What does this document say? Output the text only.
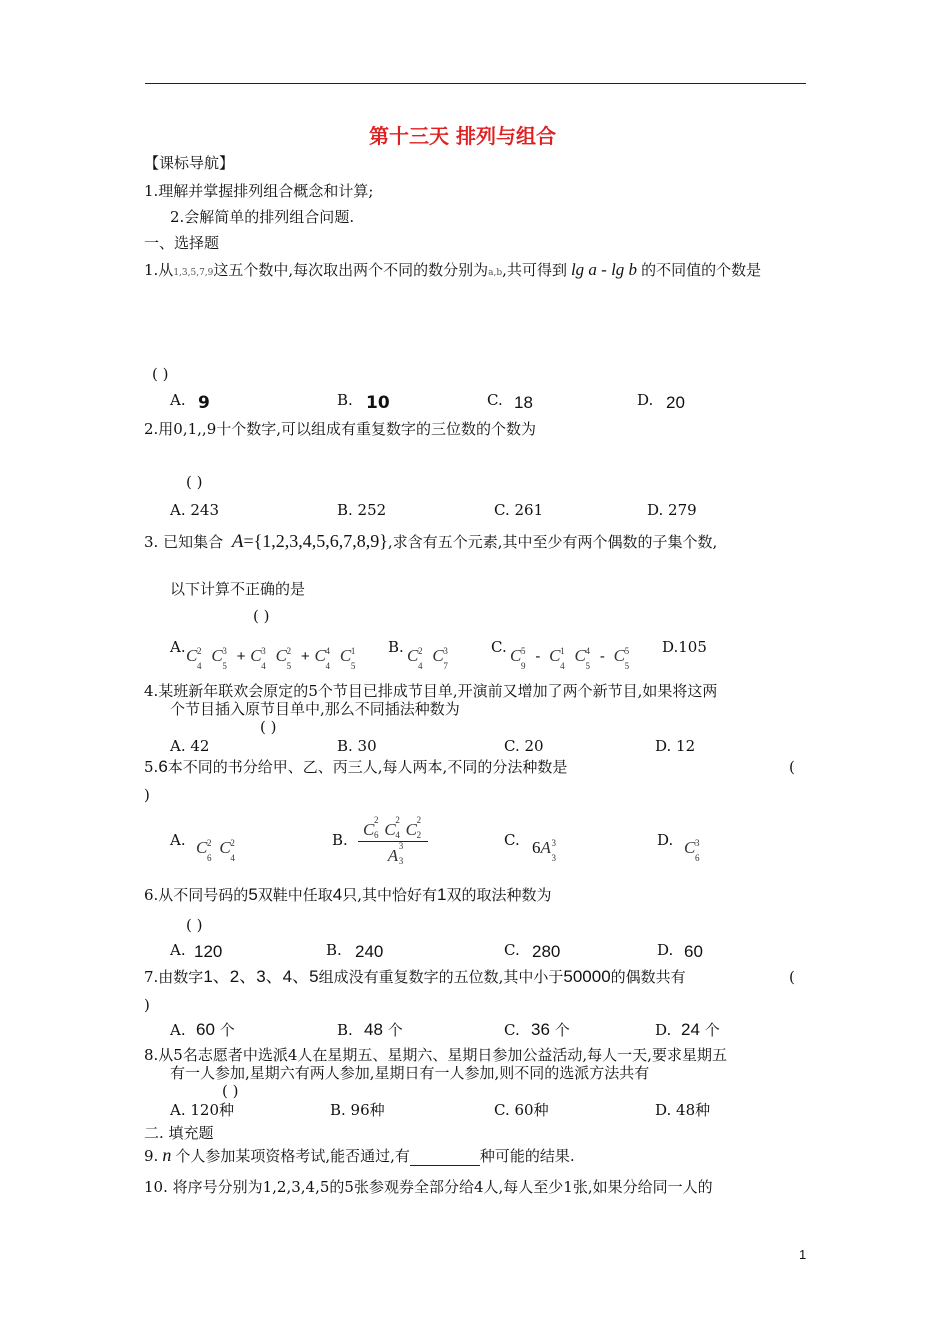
第十三天 排列与组合
【课标导航】
1.理解并掌握排列组合概念和计算;
2.会解简单的排列组合问题.
一、选择题
1.从1,3,5,7,9这五个数中,每次取出两个不同的数分别为a,b,共可得到 lg a - lg b 的不同值的个数是
( )
A. 9	B. 10	C. 18	D. 20
2.用0,1,,9十个数字,可以组成有重复数字的三位数的个数为
( )
A. 243	B. 252	C. 261	D. 279
3. 已知集合 A={1,2,3,4,5,6,7,8,9},求含有五个元素,其中至少有两个偶数的子集个数,
以下计算不正确的是
( )
A. C 2
4
C 3
5
+ C 3
4
C 2
5
+ C 4
4
C 1
5
B. C 2
4
C 3
7
C. C 5
9
- C 1
4
C 4
5
- C 5
5
D.105
4.某班新年联欢会原定的5个节目已排成节目单,开演前又增加了两个新节目,如果将这两
个节目插入原节目单中,那么不同插法种数为
( )
A. 42	B. 30	C. 20	D. 12
5.6本不同的书分给甲、乙、丙三人,每人两本,不同的分法种数是	(
)
A. C 2
6
C 2
4
B. C 2
6 C 2
4 C 2
2
A 3
3	C. 6A 3
3
D. C 3
6
6.从不同号码的5双鞋中任取4只,其中恰好有1双的取法种数为
( )
A. 120	B. 240	C. 280	D. 60
7.由数字1、2、3、4、5组成没有重复数字的五位数,其中小于50000的偶数共有	(
)
A. 60 个	B. 48 个	C. 36 个	D. 24 个
8.从5名志愿者中选派4人在星期五、星期六、星期日参加公益活动,每人一天,要求星期五
有一人参加,星期六有两人参加,星期日有一人参加,则不同的选派方法共有
( )
A. 120种	B. 96种	C. 60种	D. 48种
二. 填充题
9. n 个人参加某项资格考试,能否通过,有	种可能的结果.
10. 将序号分别为1,2,3,4,5的5张参观券全部分给4人,每人至少1张,如果分给同一人的
1
